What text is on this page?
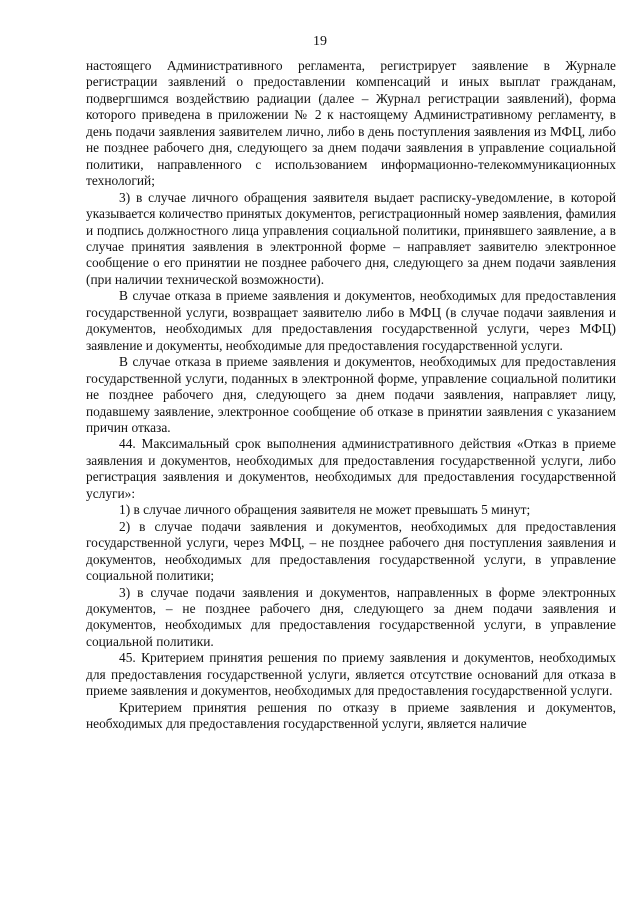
19

настоящего Административного регламента, регистрирует заявление в Журнале регистрации заявлений о предоставлении компенсаций и иных выплат гражданам, подвергшимся воздействию радиации (далее – Журнал регистрации заявлений), форма которого приведена в приложении № 2 к настоящему Административному регламенту, в день подачи заявления заявителем лично, либо в день поступления заявления из МФЦ, либо не позднее рабочего дня, следующего за днем подачи заявления в управление социальной политики, направленного с использованием информационно-телекоммуникационных технологий;

3) в случае личного обращения заявителя выдает расписку-уведомление, в которой указывается количество принятых документов, регистрационный номер заявления, фамилия и подпись должностного лица управления социальной политики, принявшего заявление, а в случае принятия заявления в электронной форме – направляет заявителю электронное сообщение о его принятии не позднее рабочего дня, следующего за днем подачи заявления (при наличии технической возможности).

В случае отказа в приеме заявления и документов, необходимых для предоставления государственной услуги, возвращает заявителю либо в МФЦ (в случае подачи заявления и документов, необходимых для предоставления государственной услуги, через МФЦ) заявление и документы, необходимые для предоставления государственной услуги.

В случае отказа в приеме заявления и документов, необходимых для предоставления государственной услуги, поданных в электронной форме, управление социальной политики не позднее рабочего дня, следующего за днем подачи заявления, направляет лицу, подавшему заявление, электронное сообщение об отказе в принятии заявления с указанием причин отказа.

44. Максимальный срок выполнения административного действия «Отказ в приеме заявления и документов, необходимых для предоставления государственной услуги, либо регистрация заявления и документов, необходимых для предоставления государственной услуги»:

1) в случае личного обращения заявителя не может превышать 5 минут;

2) в случае подачи заявления и документов, необходимых для предоставления государственной услуги, через МФЦ, – не позднее рабочего дня поступления заявления и документов, необходимых для предоставления государственной услуги, в управление социальной политики;

3) в случае подачи заявления и документов, направленных в форме электронных документов, – не позднее рабочего дня, следующего за днем подачи заявления и документов, необходимых для предоставления государственной услуги, в управление социальной политики.

45. Критерием принятия решения по приему заявления и документов, необходимых для предоставления государственной услуги, является отсутствие оснований для отказа в приеме заявления и документов, необходимых для предоставления государственной услуги.

Критерием принятия решения по отказу в приеме заявления и документов, необходимых для предоставления государственной услуги, является наличие
